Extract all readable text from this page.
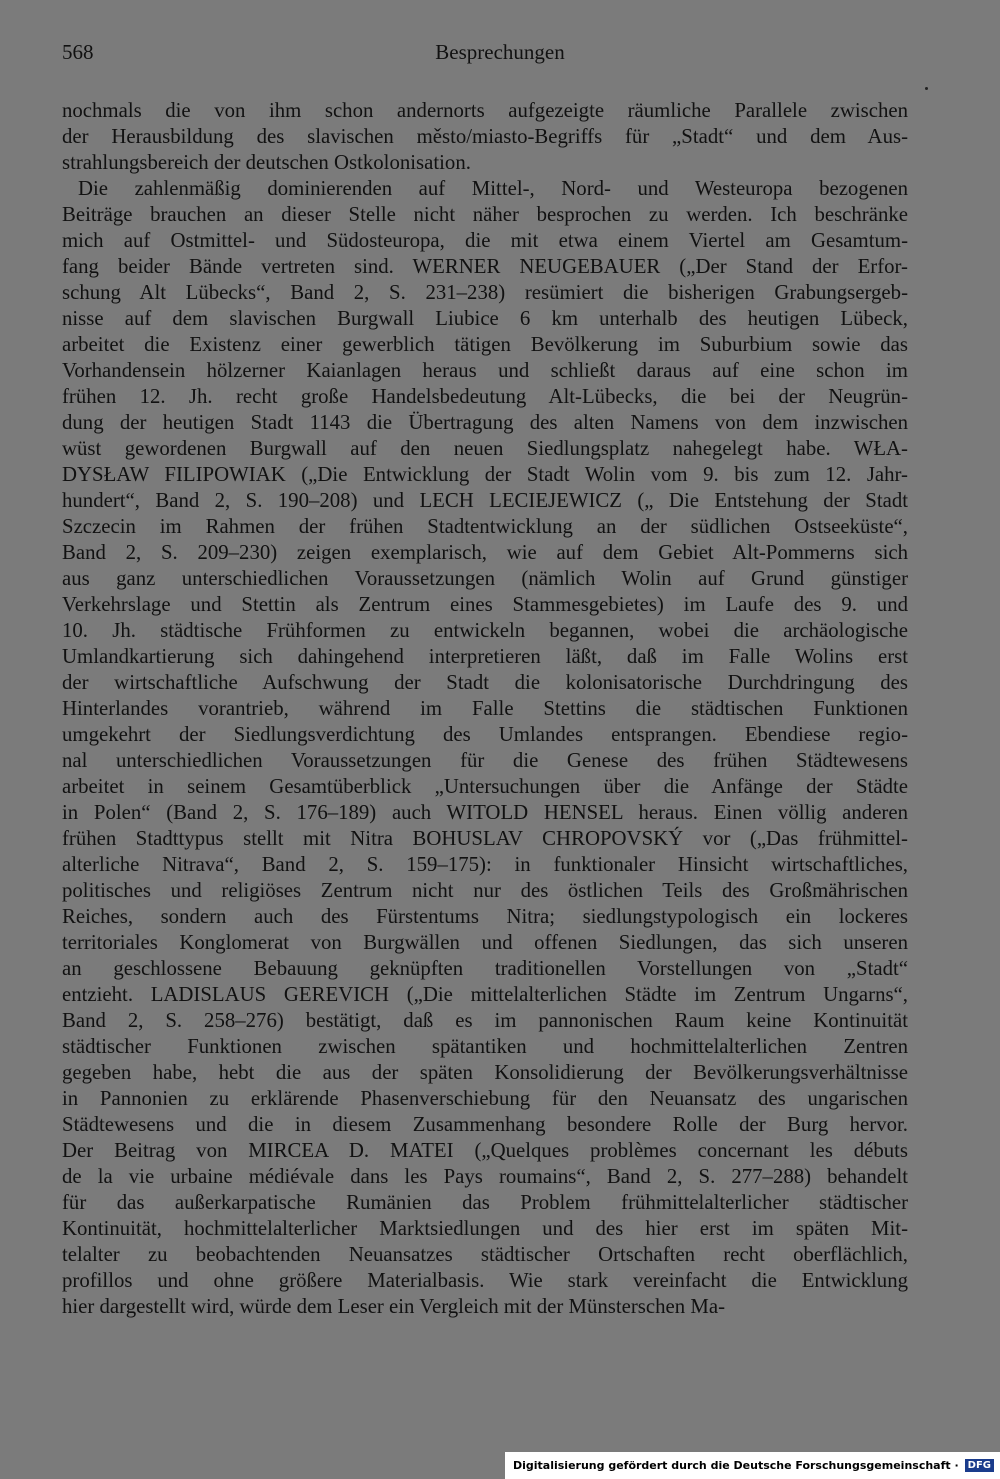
568	Besprechungen
nochmals die von ihm schon andernorts aufgezeigte räumliche Parallele zwischen
der Herausbildung des slavischen město/miasto-Begriffs für „Stadt“ und dem Aus-
strahlungsbereich der deutschen Ostkolonisation.
Die zahlenmäßig dominierenden auf Mittel-, Nord- und Westeuropa bezogenen
Beiträge brauchen an dieser Stelle nicht näher besprochen zu werden. Ich beschränke
mich auf Ostmittel- und Südosteuropa, die mit etwa einem Viertel am Gesamtum-
fang beider Bände vertreten sind. WERNER NEUGEBAUER („Der Stand der Erfor-
schung Alt Lübecks“, Band 2, S. 231–238) resümiert die bisherigen Grabungsergeb-
nisse auf dem slavischen Burgwall Liubice 6 km unterhalb des heutigen Lübeck,
arbeitet die Existenz einer gewerblich tätigen Bevölkerung im Suburbium sowie das
Vorhandensein hölzerner Kaianlagen heraus und schließt daraus auf eine schon im
frühen 12. Jh. recht große Handelsbedeutung Alt-Lübecks, die bei der Neugrün-
dung der heutigen Stadt 1143 die Übertragung des alten Namens von dem inzwischen
wüst gewordenen Burgwall auf den neuen Siedlungsplatz nahegelegt habe. WŁA-
DYSŁAW FILIPOWIAK („Die Entwicklung der Stadt Wolin vom 9. bis zum 12. Jahr-
hundert“, Band 2, S. 190–208) und LECH LECIEJEWICZ („ Die Entstehung der Stadt
Szczecin im Rahmen der frühen Stadtentwicklung an der südlichen Ostseeküste“,
Band 2, S. 209–230) zeigen exemplarisch, wie auf dem Gebiet Alt-Pommerns sich
aus ganz unterschiedlichen Voraussetzungen (nämlich Wolin auf Grund günstiger
Verkehrslage und Stettin als Zentrum eines Stammesgebietes) im Laufe des 9. und
10. Jh. städtische Frühformen zu entwickeln begannen, wobei die archäologische
Umlandkartierung sich dahingehend interpretieren läßt, daß im Falle Wolins erst
der wirtschaftliche Aufschwung der Stadt die kolonisatorische Durchdringung des
Hinterlandes vorantrieb, während im Falle Stettins die städtischen Funktionen
umgekehrt der Siedlungsverdichtung des Umlandes entsprangen. Ebendiese regio-
nal unterschiedlichen Voraussetzungen für die Genese des frühen Städtewesens
arbeitet in seinem Gesamtüberblick „Untersuchungen über die Anfänge der Städte
in Polen“ (Band 2, S. 176–189) auch WITOLD HENSEL heraus. Einen völlig anderen
frühen Stadttypus stellt mit Nitra BOHUSLAV CHROPOVSKÝ vor („Das frühmittel-
alterliche Nitrava“, Band 2, S. 159–175): in funktionaler Hinsicht wirtschaftliches,
politisches und religiöses Zentrum nicht nur des östlichen Teils des Großmährischen
Reiches, sondern auch des Fürstentums Nitra; siedlungstypologisch ein lockeres
territoriales Konglomerat von Burgwällen und offenen Siedlungen, das sich unseren
an geschlossene Bebauung geknüpften traditionellen Vorstellungen von „Stadt“
entzieht. LADISLAUS GEREVICH („Die mittelalterlichen Städte im Zentrum Ungarns“,
Band 2, S. 258–276) bestätigt, daß es im pannonischen Raum keine Kontinuität
städtischer Funktionen zwischen spätantiken und hochmittelalterlichen Zentren
gegeben habe, hebt die aus der späten Konsolidierung der Bevölkerungsverhältnisse
in Pannonien zu erklärende Phasenverschiebung für den Neuansatz des ungarischen
Städtewesens und die in diesem Zusammenhang besondere Rolle der Burg hervor.
Der Beitrag von MIRCEA D. MATEI („Quelques problèmes concernant les débuts
de la vie urbaine médiévale dans les Pays roumains“, Band 2, S. 277–288) behandelt
für das außerkarpatische Rumänien das Problem frühmittelalterlicher städtischer
Kontinuität, hochmittelalterlicher Marktsiedlungen und des hier erst im späten Mit-
telalter zu beobachtenden Neuansatzes städtischer Ortschaften recht oberflächlich,
profillos und ohne größere Materialbasis. Wie stark vereinfacht die Entwicklung
hier dargestellt wird, würde dem Leser ein Vergleich mit der Münsterschen Ma-
Digitalisierung gefördert durch die Deutsche Forschungsgemeinschaft · DFG
